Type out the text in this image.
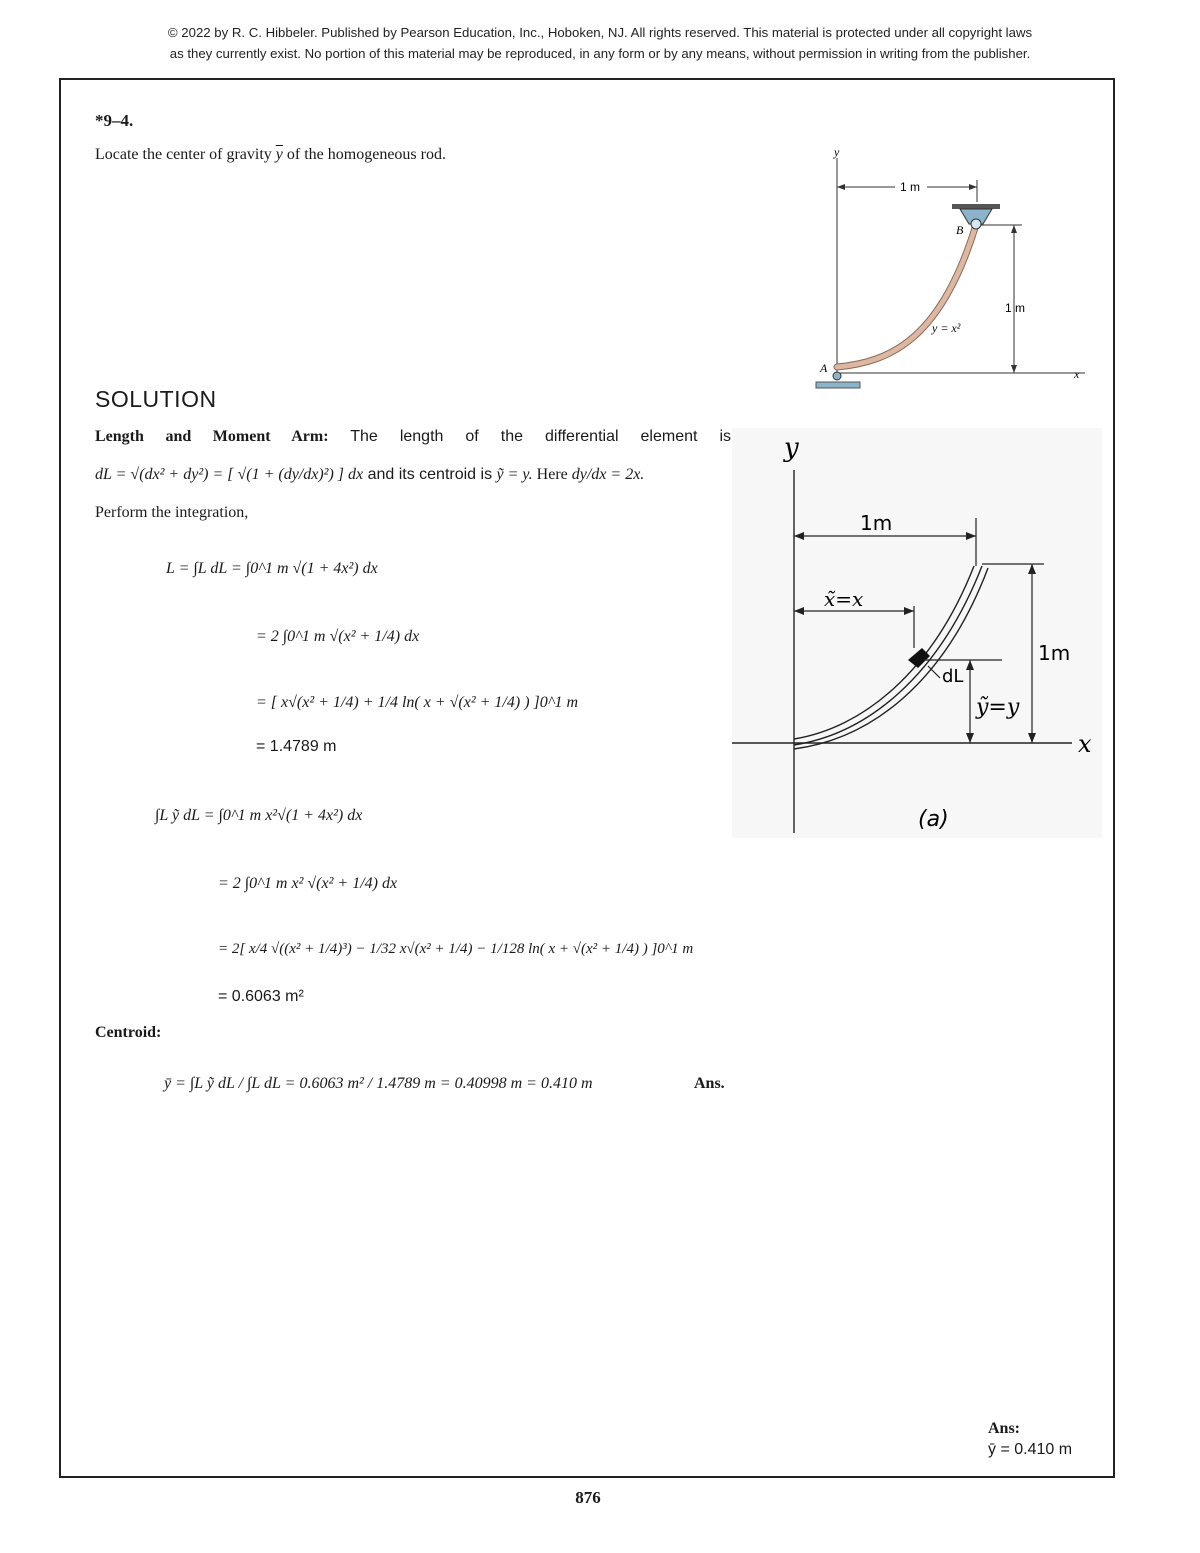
© 2022 by R. C. Hibbeler. Published by Pearson Education, Inc., Hoboken, NJ. All rights reserved. This material is protected under all copyright laws
as they currently exist. No portion of this material may be reproduced, in any form or by any means, without permission in writing from the publisher.
*9–4.
Locate the center of gravity $\overline{y}$ of the homogeneous rod.	y
x
1 m
1 m
y = x²
B
A
SOLUTION
Length and Moment Arm: The length of the differential element is
dL = √(dx² + dy²) = [ √(1 + (dy/dx)²) ] dx and its centroid is ỹ = y. Here dy/dx = 2x.
Perform the integration,
L = ∫L dL = ∫0^1 m √(1 + 4x²) dx
= 2 ∫0^1 m √(x² + 1/4) dx
= [ x√(x² + 1/4) + 1/4 ln( x + √(x² + 1/4) ) ]0^1 m
= 1.4789 m
∫L ỹ dL = ∫0^1 m x²√(1 + 4x²) dx
= 2 ∫0^1 m x² √(x² + 1/4) dx
= 2[ x/4 √((x² + 1/4)³) − 1/32 x√(x² + 1/4) − 1/128 ln( x + √(x² + 1/4) ) ]0^1 m
= 0.6063 m²
Centroid:
ȳ = ∫L ỹ dL / ∫L dL = 0.6063 m² / 1.4789 m = 0.40998 m = 0.410 m	Ans.
y
x
1m
x̃=x
dL
ỹ=y
1m
(a)
Ans:
ȳ = 0.410 m
876
